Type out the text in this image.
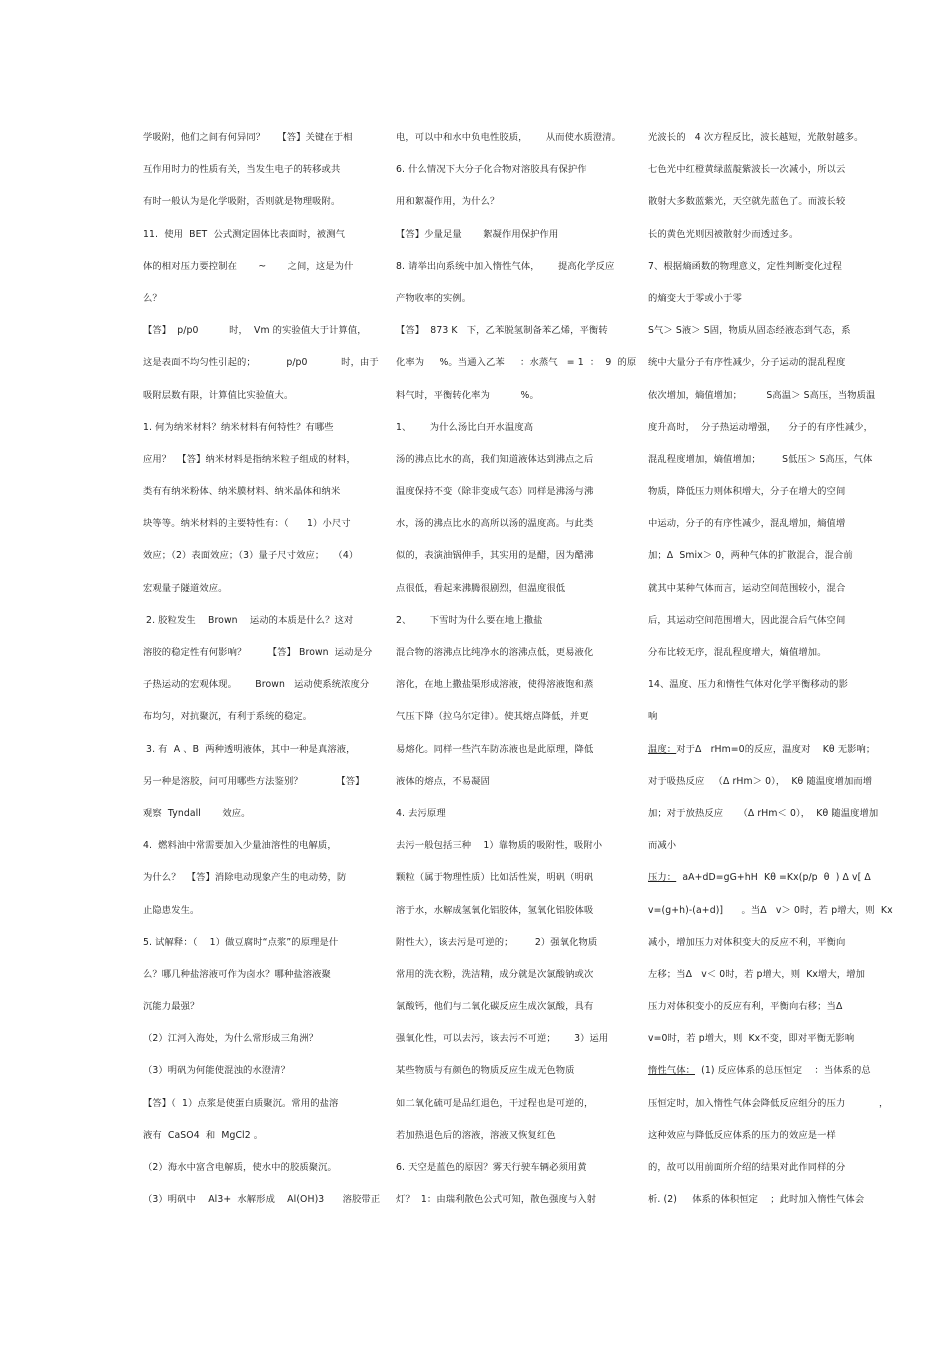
学吸附，他们之间有何异同？    【答】关键在于相
互作用时力的性质有关，当发生电子的转移或共
有时一般认为是化学吸附，否则就是物理吸附。
11.  使用  BET  公式测定固体比表面时，被测气
体的相对压力要控制在       ~       之间，这是为什
么？
【答】  p/p0          时，  Vm 的实验值大于计算值，
这是表面不均匀性引起的；          p/p0           时，由于
吸附层数有限，计算值比实验值大。
1. 何为纳米材料？纳米材料有何特性？有哪些
应用？  【答】纳米材料是指纳米粒子组成的材料，
类有有纳米粉体、纳米膜材料、纳米晶体和纳米
块等等。纳米材料的主要特性有：（      1）小尺寸
效应；（2）表面效应；（3）量子尺寸效应；   （4）
宏观量子隧道效应。
2. 胶粒发生    Brown    运动的本质是什么？这对
溶胶的稳定性有何影响？       【答】 Brown  运动是分
子热运动的宏观体现。      Brown   运动使系统浓度分
布均匀，对抗聚沉，有利于系统的稳定。
3. 有  A 、B  两种透明液体，其中一种是真溶液，
另一种是溶胶，问可用哪些方法鉴别？           【答】
观察  Tyndall       效应。
4.  燃料油中常需要加入少量油溶性的电解质，
为什么？  【答】消除电动现象产生的电动势，防
止隐患发生。
5. 试解释：（    1）做豆腐时“点浆”的原理是什
么？哪几种盐溶液可作为卤水？哪种盐溶液聚
沉能力最强？
（2）江河入海处，为什么常形成三角洲？
（3）明矾为何能使混浊的水澄清？
【答】（  1）点浆是使蛋白质聚沉。常用的盐溶
液有  CaSO4  和  MgCl2 。
（2）海水中富含电解质，使水中的胶质聚沉。
（3）明矾中    Al3+  水解形成    Al(OH)3      溶胶带正
电，可以中和水中负电性胶质，      从而使水质澄清。
6. 什么情况下大分子化合物对溶胶具有保护作
用和絮凝作用，为什么？
【答】少量足量       絮凝作用保护作用
8. 请举出向系统中加入惰性气体，      提高化学反应
产物收率的实例。
【答】  873 K   下，乙苯脱氢制备苯乙烯，平衡转
化率为     %。当通入乙苯     ：水蒸气   = 1  ：  9  的原
料气时，平衡转化率为          %。
1、      为什么汤比白开水温度高
汤的沸点比水的高，我们知道液体达到沸点之后
温度保持不变（除非变成气态）同样是沸汤与沸
水，汤的沸点比水的高所以汤的温度高。与此类
似的，表演油锅伸手，其实用的是醋，因为醋沸
点很低，看起来沸腾很剧烈，但温度很低
2、      下雪时为什么要在地上撒盐
混合物的溶沸点比纯净水的溶沸点低，更易液化
溶化，在地上撒盐渠形成溶液，使得溶液饱和蒸
气压下降（拉乌尔定律）。使其熔点降低，并更
易熔化。同样一些汽车防冻液也是此原理，降低
液体的熔点，不易凝固
4. 去污原理
去污一般包括三种    1）靠物质的吸附性，吸附小
颗粒（属于物理性质）比如活性炭，明矾（明矾
溶于水，水解成氢氧化铝胶体，氢氧化铝胶体吸
附性大），该去污是可逆的；       2）强氧化物质
常用的洗衣粉，洗洁精，成分就是次氯酸钠或次
氯酸钙，他们与二氧化碳反应生成次氯酸，具有
强氧化性，可以去污，该去污不可逆；      3）运用
某些物质与有颜色的物质反应生成无色物质
如二氧化硫可是品红退色，干过程也是可逆的，
若加热退色后的溶液，溶液又恢复红色
6. 天空是蓝色的原因？雾天行驶车辆必须用黄
灯？  1：由瑞利散色公式可知，散色强度与入射
光波长的   4 次方程反比，波长越短，光散射越多。
七色光中红橙黄绿蓝靛紫波长一次减小，所以云
散射大多数蓝紫光，天空就先蓝色了。而波长较
长的黄色光则因被散射少而透过多。
7、根据熵函数的物理意义，定性判断变化过程
的熵变大于零或小于零
S气＞ S液＞ S固，物质从固态经液态到气态，系
统中大量分子有序性减少，分子运动的混乱程度
依次增加，熵值增加；        S高温＞ S高压，当物质温
度升高时，  分子热运动增强，    分子的有序性减少，
混乱程度增加，熵值增加；       S低压＞ S高压，气体
物质，降低压力则体积增大，分子在增大的空间
中运动，分子的有序性减少，混乱增加，熵值增
加；Δ  Smix＞ 0，两种气体的扩散混合，混合前
就其中某种气体而言，运动空间范围较小，混合
后，其运动空间范围增大，因此混合后气体空间
分布比较无序，混乱程度增大，熵值增加。
14、温度、压力和惰性气体对化学平衡移动的影
响
温度：对于Δ   rHm=0的反应，温度对    Kθ 无影响；
对于吸热反应   （Δ rHm＞ 0），  Kθ 随温度增加而增
加；对于放热反应     （Δ rHm＜ 0），  Kθ 随温度增加
而减小
压力：  aA+dD=gG+hH  Kθ =Kx(p/p  θ  ) Δ v[ Δ
v=(g+h)-(a+d)]      。当Δ   v＞ 0时，若 p增大，则  Kx
减小，增加压力对体积变大的反应不利，平衡向
左移；当Δ   v＜ 0时，若 p增大，则  Kx增大，增加
压力对体积变小的反应有利，平衡向右移；当Δ
v=0时，若 p增大，则  Kx不变，即对平衡无影响
惰性气体：  (1) 反应体系的总压恒定    ：当体系的总
压恒定时，加入惰性气体会降低反应组分的压力           ，
这种效应与降低反应体系的压力的效应是一样
的，故可以用前面所介绍的结果对此作同样的分
析. (2)     体系的体积恒定    ；此时加入惰性气体会
